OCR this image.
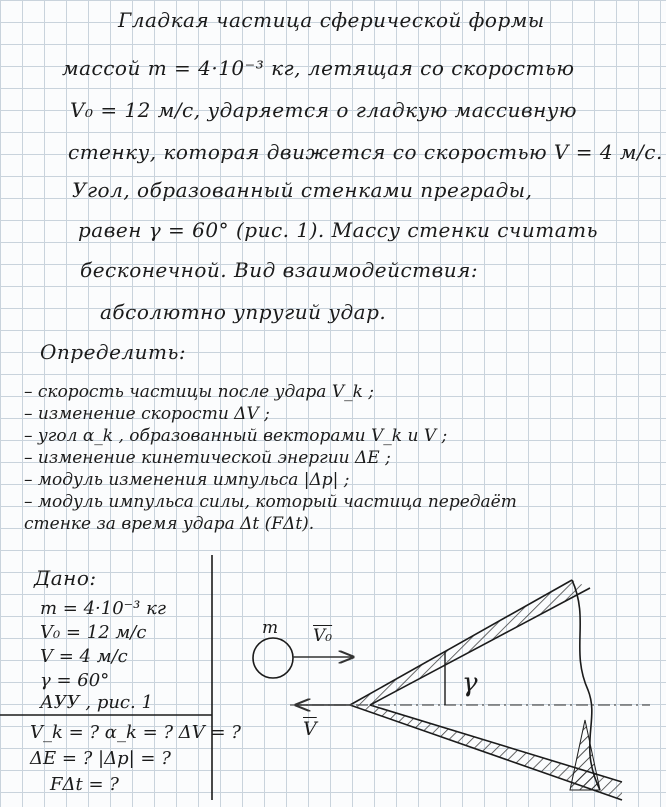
Гладкая частица сферической формы
массой m = 4·10⁻³ кг, летящая со скоростью
V₀ = 12 м/с, ударяется о гладкую массивную
стенку, которая движется со скоростью V = 4 м/с.
Угол, образованный стенками преграды,
равен γ = 60° (рис. 1). Массу стенки считать
бесконечной. Вид взаимодействия:
абсолютно упругий удар.
Определить:
– скорость частицы после удара V_k ;
– изменение скорости ΔV ;
– угол α_k , образованный векторами V_k и V ;
– изменение кинетической энергии ΔE ;
– модуль изменения импульса |Δp| ;
– модуль импульса силы, который частица передаёт
стенке за время удара Δt (FΔt).
Дано:
m = 4·10⁻³ кг
V₀ = 12 м/с
V = 4 м/с
γ = 60°
АУУ , рис. 1
V_k = ? α_k = ? ΔV = ?
ΔE = ? |Δp| = ?
FΔt = ?
m V₀
$\overline{V}$
γ
